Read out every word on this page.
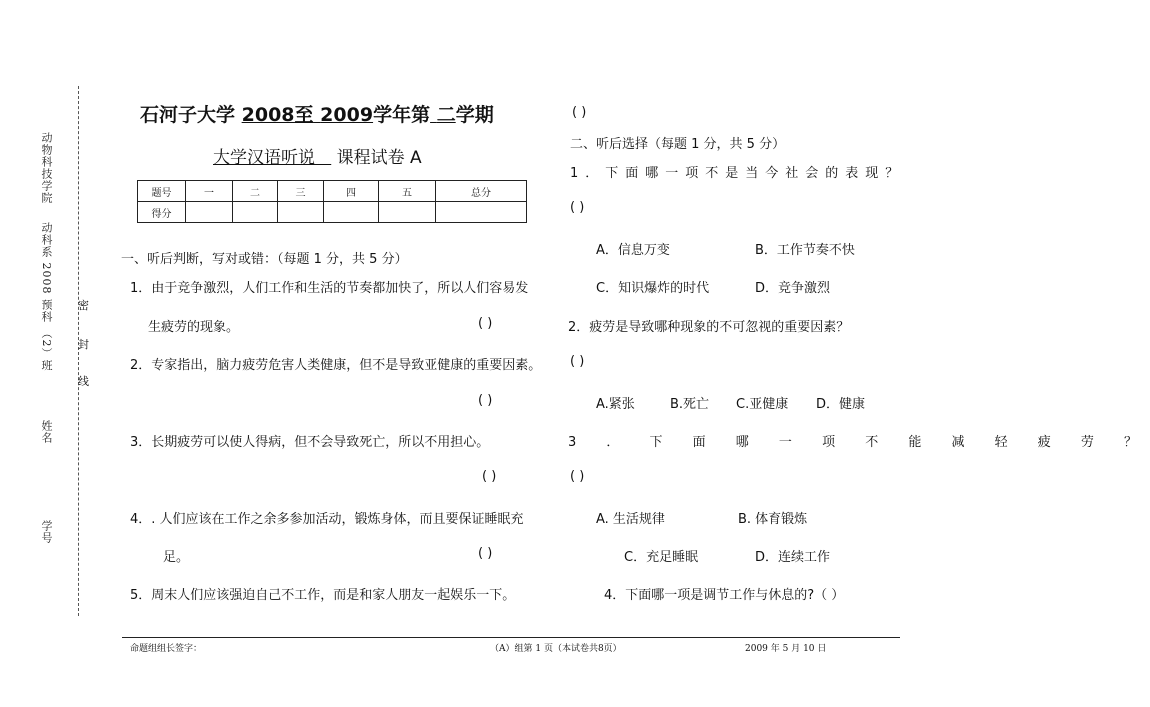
动物科技学院
动科系 2008 预科 （2）班
姓名
学号
密
封
线
石河子大学 2008至 2009学年第 二学期
大学汉语听说 课程试卷 A
题号	一	二	三	四	五	总分
得分						
一、听后判断，写对或错：（每题 1 分，共 5 分）
1．由于竞争激烈，人们工作和生活的节奏都加快了，所以人们容易发
生疲劳的现象。	( )
2．专家指出，脑力疲劳危害人类健康，但不是导致亚健康的重要因素。
( )
3．长期疲劳可以使人得病，但不会导致死亡，所以不用担心。
( )
4．. 人们应该在工作之余多参加活动，锻炼身体，而且要保证睡眠充
足。	( )
5．周末人们应该强迫自己不工作，而是和家人朋友一起娱乐一下。
( )
二、听后选择（每题 1 分，共 5 分）
1．下面哪一项不是当今社会的表现？
( )
A．信息万变	B．工作节奏不快
C．知识爆炸的时代	D．竞争激烈
2．疲劳是导致哪种现象的不可忽视的重要因素？
( )
A.紧张	B.死亡 C.亚健康 D．健康
3 ． 下 面 哪 一 项 不 能 减 轻 疲 劳 ？
( )
A. 生活规律	B. 体育锻炼
C．充足睡眠	D．连续工作
4．下面哪一项是调节工作与休息的?（ ）
命题组组长签字：	（A）组第 1 页（本试卷共8页）	2009 年 5 月 10 日
